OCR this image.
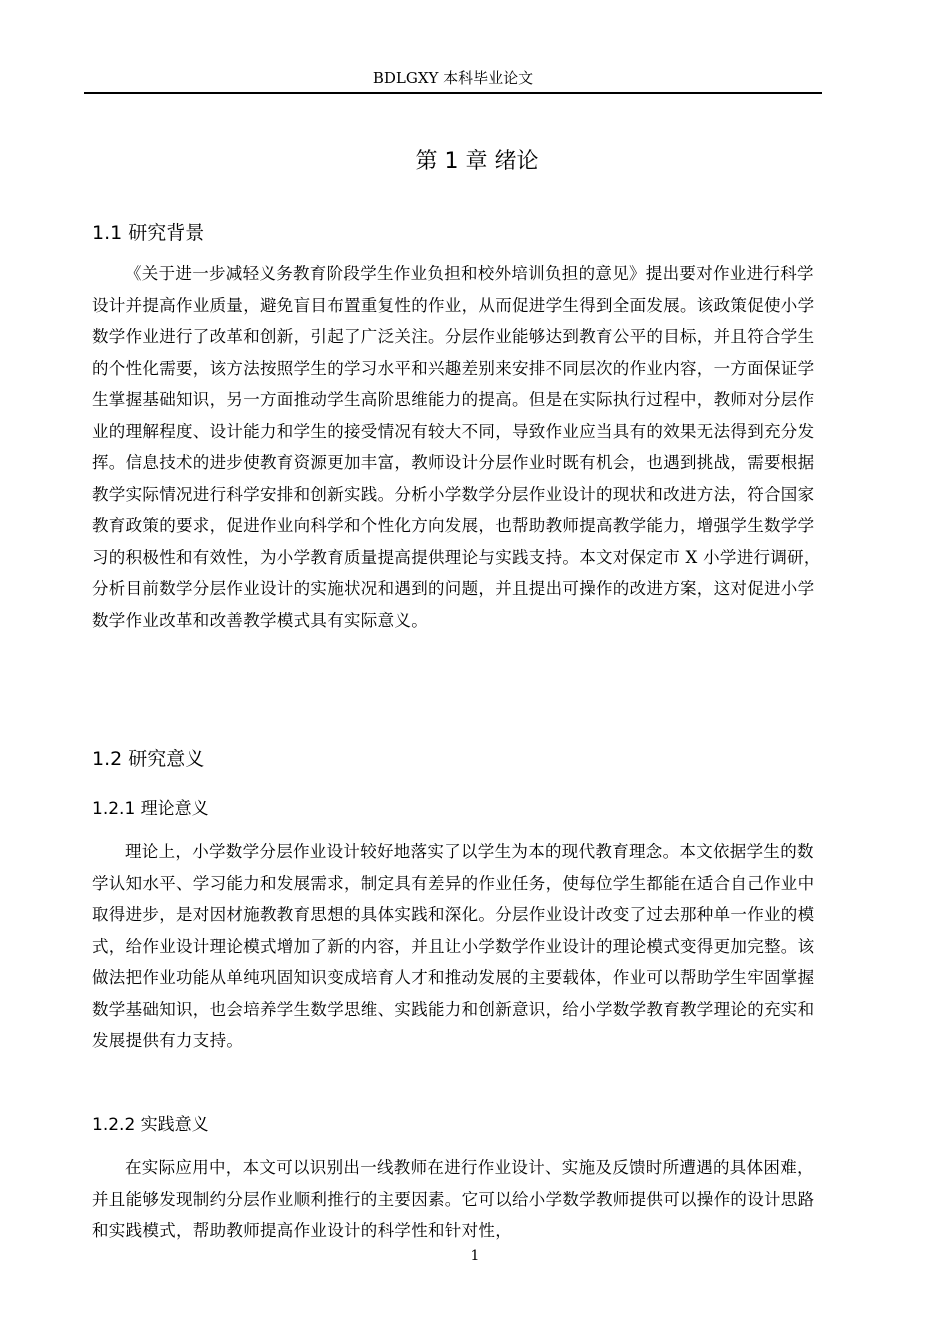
BDLGXY 本科毕业论文
第 1 章 绪论
1.1 研究背景
《关于进一步减轻义务教育阶段学生作业负担和校外培训负担的意见》提出要对作业进行科学设计并提高作业质量，避免盲目布置重复性的作业，从而促进学生得到全面发展。该政策促使小学数学作业进行了改革和创新，引起了广泛关注。分层作业能够达到教育公平的目标，并且符合学生的个性化需要，该方法按照学生的学习水平和兴趣差别来安排不同层次的作业内容，一方面保证学生掌握基础知识，另一方面推动学生高阶思维能力的提高。但是在实际执行过程中，教师对分层作业的理解程度、设计能力和学生的接受情况有较大不同，导致作业应当具有的效果无法得到充分发挥。信息技术的进步使教育资源更加丰富，教师设计分层作业时既有机会，也遇到挑战，需要根据教学实际情况进行科学安排和创新实践。分析小学数学分层作业设计的现状和改进方法，符合国家教育政策的要求，促进作业向科学和个性化方向发展，也帮助教师提高教学能力，增强学生数学学习的积极性和有效性，为小学教育质量提高提供理论与实践支持。本文对保定市 X 小学进行调研，分析目前数学分层作业设计的实施状况和遇到的问题，并且提出可操作的改进方案，这对促进小学数学作业改革和改善教学模式具有实际意义。
1.2 研究意义
1.2.1 理论意义
理论上，小学数学分层作业设计较好地落实了以学生为本的现代教育理念。本文依据学生的数学认知水平、学习能力和发展需求，制定具有差异的作业任务，使每位学生都能在适合自己作业中取得进步，是对因材施教教育思想的具体实践和深化。分层作业设计改变了过去那种单一作业的模式，给作业设计理论模式增加了新的内容，并且让小学数学作业设计的理论模式变得更加完整。该做法把作业功能从单纯巩固知识变成培育人才和推动发展的主要载体，作业可以帮助学生牢固掌握数学基础知识，也会培养学生数学思维、实践能力和创新意识，给小学数学教育教学理论的充实和发展提供有力支持。
1.2.2 实践意义
在实际应用中，本文可以识别出一线教师在进行作业设计、实施及反馈时所遭遇的具体困难，并且能够发现制约分层作业顺利推行的主要因素。它可以给小学数学教师提供可以操作的设计思路和实践模式，帮助教师提高作业设计的科学性和针对性，
1
